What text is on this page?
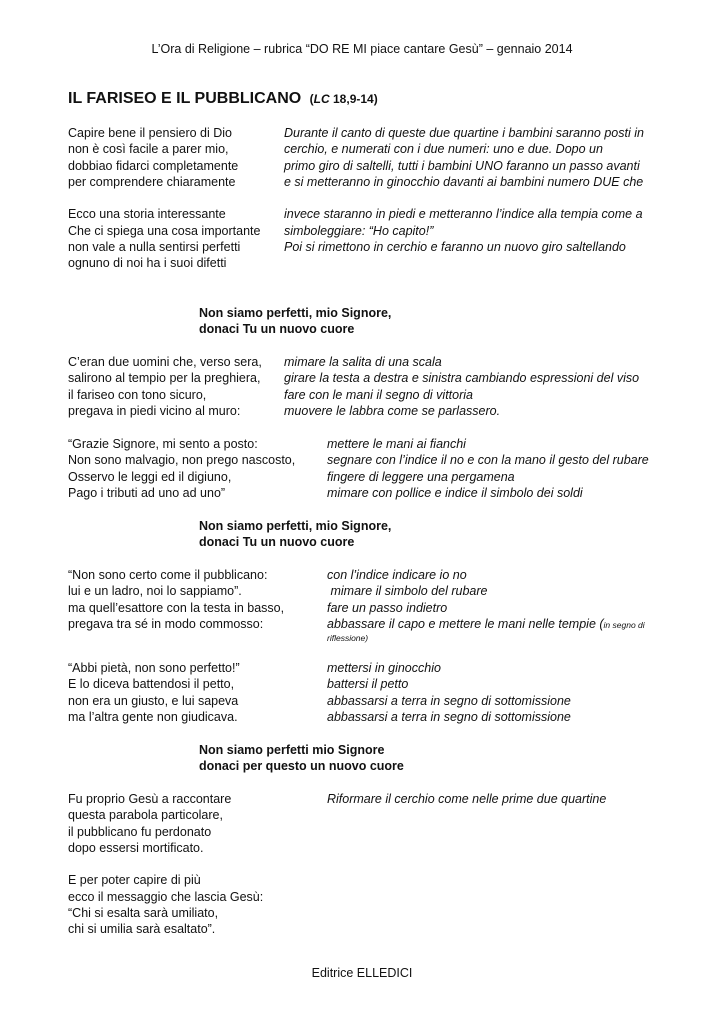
L’Ora di Religione – rubrica “DO RE MI piace cantare Gesù” – gennaio 2014
IL FARISEO E IL PUBBLICANO (LC 18,9-14)
Capire bene il pensiero di Dio
non è così facile a parer mio,
dobbiao fidarci completamente
per comprendere chiaramente

Ecco una storia interessante
Che ci spiega una cosa importante
non vale a nulla sentirsi perfetti
ognuno di noi ha i suoi difetti
Durante il canto di queste due quartine i bambini saranno posti in
cerchio, e numerati con i due numeri: uno e due. Dopo un
primo giro di saltelli, tutti i bambini UNO faranno un passo avanti
e si metteranno in ginocchio davanti ai bambini numero DUE che

invece staranno in piedi e metteranno l’indice alla tempia come a
simboleggiare: “Ho capito!”
Poi si rimettono in cerchio e faranno un nuovo giro saltellando
Non siamo perfetti, mio Signore,
donaci Tu un nuovo cuore
C’eran due uomini che, verso sera,
salirono al tempio per la preghiera,
il fariseo con tono sicuro,
pregava in piedi vicino al muro:
mimare la salita di una scala
girare la testa a destra e sinistra cambiando espressioni del viso
fare con le mani il segno di vittoria
muovere le labbra come se parlassero.
“Grazie Signore, mi sento a posto:
Non sono malvagio, non prego nascosto,
Osservo le leggi ed il digiuno,
Pago i tributi ad uno ad uno”
mettere le mani ai fianchi
segnare con l’indice il no e con la mano il gesto del rubare
fingere di leggere una pergamena
mimare con pollice e indice il simbolo dei soldi
Non siamo perfetti, mio Signore,
donaci Tu un nuovo cuore
“Non sono certo come il pubblicano:
lui e un ladro, noi lo sappiamo”.
ma quell’esattore con la testa in basso,
pregava tra sé in modo commosso:
con l’indice indicare io no
mimare il simbolo del rubare
fare un passo indietro
abbassare il capo e mettere le mani nelle tempie (in segno di
riflessione)
“Abbi pietà, non sono perfetto!”
E lo diceva battendosi il petto,
non era un giusto, e lui sapeva
ma l’altra gente non giudicava.
mettersi in ginocchio
battersi il petto
abbassarsi a terra in segno di sottomissione
abbassarsi a terra in segno di sottomissione
Non siamo perfetti mio Signore
donaci per questo un nuovo cuore
Fu proprio Gesù a raccontare
questa parabola particolare,
il pubblicano fu perdonato
dopo essersi mortificato.

E per poter capire di più
ecco il messaggio che lascia Gesù:
“Chi si esalta sarà umiliato,
chi si umilia sarà esaltato”.
Riformare il cerchio come nelle prime due quartine
Editrice ELLEDICI
